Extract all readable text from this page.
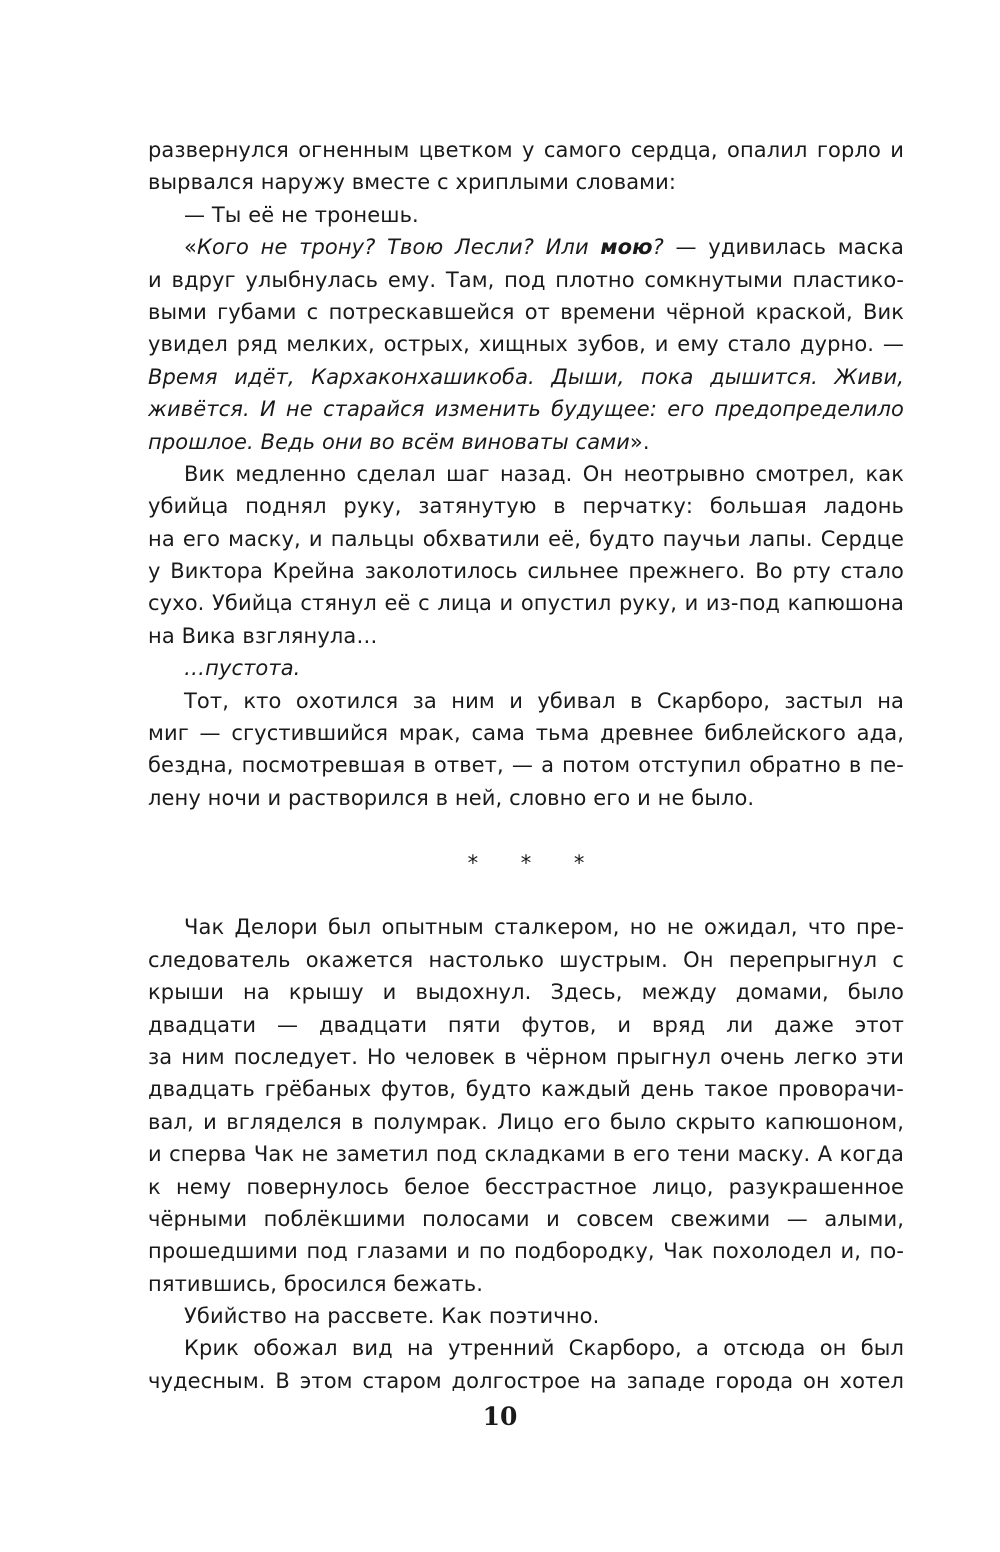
развернулся огненным цветком у самого сердца, опалил горло и
вырвался наружу вместе с хриплыми словами:
— Ты её не тронешь.
«Кого не трону? Твою Лесли? Или мою? — удивилась маска
и вдруг улыбнулась ему. Там, под плотно сомкнутыми пластико-
выми губами с потрескавшейся от времени чёрной краской, Вик
увидел ряд мелких, острых, хищных зубов, и ему стало дурно. —
Время идёт, Кархаконхашикоба. Дыши, пока дышится. Живи,
живётся. И не старайся изменить будущее: его предопределило
прошлое. Ведь они во всём виноваты сами».
Вик медленно сделал шаг назад. Он неотрывно смотрел, как
убийца поднял руку, затянутую в перчатку: большая ладонь
на его маску, и пальцы обхватили её, будто паучьи лапы. Сердце
у Виктора Крейна заколотилось сильнее прежнего. Во рту стало
сухо. Убийца стянул её с лица и опустил руку, и из-под капюшона
на Вика взглянула…
…пустота.
Тот, кто охотился за ним и убивал в Скарборо, застыл на
миг — сгустившийся мрак, сама тьма древнее библейского ада,
бездна, посмотревшая в ответ, — а потом отступил обратно в пе-
лену ночи и растворился в ней, словно его и не было.
* * *
Чак Делори был опытным сталкером, но не ожидал, что пре-
следователь окажется настолько шустрым. Он перепрыгнул с
крыши на крышу и выдохнул. Здесь, между домами, было
двадцати — двадцати пяти футов, и вряд ли даже этот
за ним последует. Но человек в чёрном прыгнул очень легко эти
двадцать грёбаных футов, будто каждый день такое проворачи-
вал, и вгляделся в полумрак. Лицо его было скрыто капюшоном,
и сперва Чак не заметил под складками в его тени маску. А когда
к нему повернулось белое бесстрастное лицо, разукрашенное
чёрными поблёкшими полосами и совсем свежими — алыми,
прошедшими под глазами и по подбородку, Чак похолодел и, по-
пятившись, бросился бежать.
Убийство на рассвете. Как поэтично.
Крик обожал вид на утренний Скарборо, а отсюда он был
чудесным. В этом старом долгострое на западе города он хотел
10
